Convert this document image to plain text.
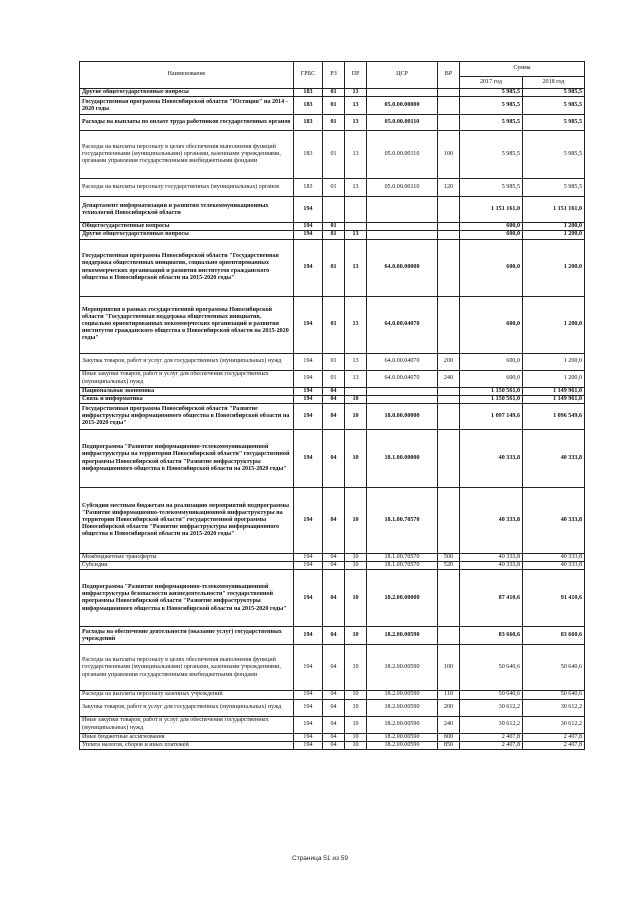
Наименование	ГРБС	РЗ	ПР	ЦСР	ВР	Сумма	
						2017 год	2018 год
Другие общегосударственные вопросы	183	01	13			5 985,5	5 985,5
Государственная программа Новосибирской области "Юстиция" на 2014 - 2020 годы	183	01	13	05.0.00.00000		5 985,5	5 985,5
Расходы на выплаты по оплате труда работников государственных органов	183	01	13	05.0.00.00110		5 985,5	5 985,5
Расходы на выплаты персоналу в целях обеспечения выполнения функций государственными (муниципальными) органами, казенными учреждениями, органами управления государственными внебюджетными фондами	183	01	13	05.0.00.00110	100	5 985,5	5 985,5
Расходы на выплаты персоналу государственных (муниципальных) органов	183	01	13	05.0.00.00110	120	5 985,5	5 985,5
Департамент информатизации и развития телекоммуникационных технологий Новосибирской области	194					1 151 161,0	1 151 161,0
Общегосударственные вопросы	194	01				600,0	1 200,0
Другие общегосударственные вопросы	194	01	13			600,0	1 200,0
Государственная программа Новосибирской области "Государственная поддержка общественных инициатив, социально ориентированных некоммерческих организаций и развития институтов гражданского общества в Новосибирской области на 2015-2020 годы"	194	01	13	64.0.00.00000		600,0	1 200,0
Мероприятия в рамках государственной программы Новосибирской области "Государственная поддержка общественных инициатив, социально ориентированных некоммерческих организаций и развития институтов гражданского общества в Новосибирской области на 2015-2020 годы"	194	01	13	64.0.00.04070		600,0	1 200,0
Закупка товаров, работ и услуг для государственных (муниципальных) нужд	194	01	13	64.0.00.04070	200	600,0	1 200,0
Иные закупки товаров, работ и услуг для обеспечения государственных (муниципальных) нужд	194	01	13	64.0.00.04070	240	600,0	1 200,0
Национальная экономика	194	04				1 150 561,0	1 149 961,0
Связь и информатика	194	04	10			1 150 561,0	1 149 961,0
Государственная программа Новосибирской области "Развитие инфраструктуры информационного общества в Новосибирской области на 2015-2020 годы"	194	04	10	18.0.00.00000		1 097 149,6	1 096 549,6
Подпрограмма "Развитие информационно-телекоммуникационной инфраструктуры на территории Новосибирской области" государственной программы Новосибирской области "Развитие инфраструктуры информационного общества в Новосибирской области на 2015-2020 годы"	194	04	10	18.1.00.00000		40 333,8	40 333,8
Субсидии местным бюджетам на реализацию мероприятий подпрограммы "Развитие информационно-телекоммуникационной инфраструктуры на территории Новосибирской области" государственной программы Новосибирской области "Развитие инфраструктуры информационного общества в Новосибирской области на 2015-2020 годы"	194	04	10	18.1.00.70570		40 333,8	40 333,8
Межбюджетные трансферты	194	04	10	18.1.00.70570	500	40 333,8	40 333,8
Субсидии	194	04	10	18.1.00.70570	520	40 333,8	40 333,8
Подпрограмма "Развитие информационно-телекоммуникационной инфраструктуры безопасности жизнедеятельности" государственной программы Новосибирской области "Развитие инфраструктуры информационного общества в Новосибирской области на 2015-2020 годы"	194	04	10	18.2.00.00000		87 410,6	91 410,6
Расходы на обеспечение деятельности (оказание услуг) государственных учреждений	194	04	10	18.2.00.00590		83 660,6	83 660,6
Расходы на выплаты персоналу в целях обеспечения выполнения функций государственными (муниципальными) органами, казенными учреждениями, органами управления государственными внебюджетными фондами	194	04	10	18.2.00.00590	100	50 640,6	50 640,6
Расходы на выплаты персоналу казенных учреждений	194	04	10	18.2.00.00590	110	50 640,6	50 640,6
Закупка товаров, работ и услуг для государственных (муниципальных) нужд	194	04	10	18.2.00.00590	200	30 612,2	30 612,2
Иные закупки товаров, работ и услуг для обеспечения государственных (муниципальных) нужд	194	04	10	18.2.00.00590	240	30 612,2	30 612,2
Иные бюджетные ассигнования	194	04	10	18.2.00.00590	800	2 407,8	2 407,8
Уплата налогов, сборов и иных платежей	194	04	10	18.2.00.00590	850	2 407,8	2 407,8
Страница 51 из 59
